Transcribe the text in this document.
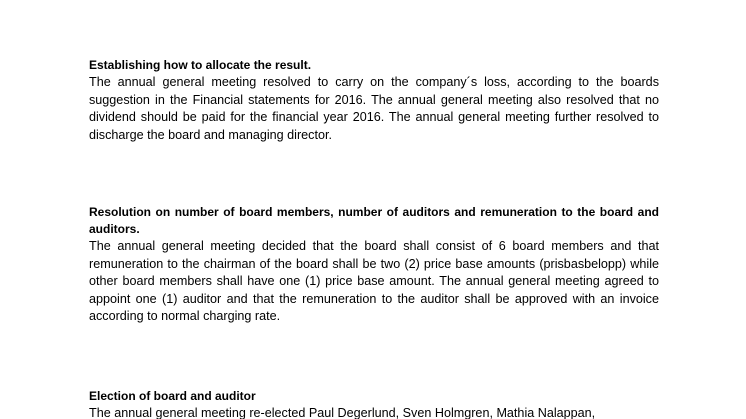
Establishing how to allocate the result.

The annual general meeting resolved to carry on the company´s loss, according to the boards suggestion in the Financial statements for 2016. The annual general meeting also resolved that no dividend should be paid for the financial year 2016. The annual general meeting further resolved to discharge the board and managing director.

Resolution on number of board members, number of auditors and remuneration to the board and auditors.

The annual general meeting decided that the board shall consist of 6 board members and that remuneration to the chairman of the board shall be two (2) price base amounts (prisbasbelopp) while other board members shall have one (1) price base amount. The annual general meeting agreed to appoint one (1) auditor and that the remuneration to the auditor shall be approved with an invoice according to normal charging rate.

Election of board and auditor

The annual general meeting re-elected Paul Degerlund, Sven Holmgren, Mathia Nalappan,
